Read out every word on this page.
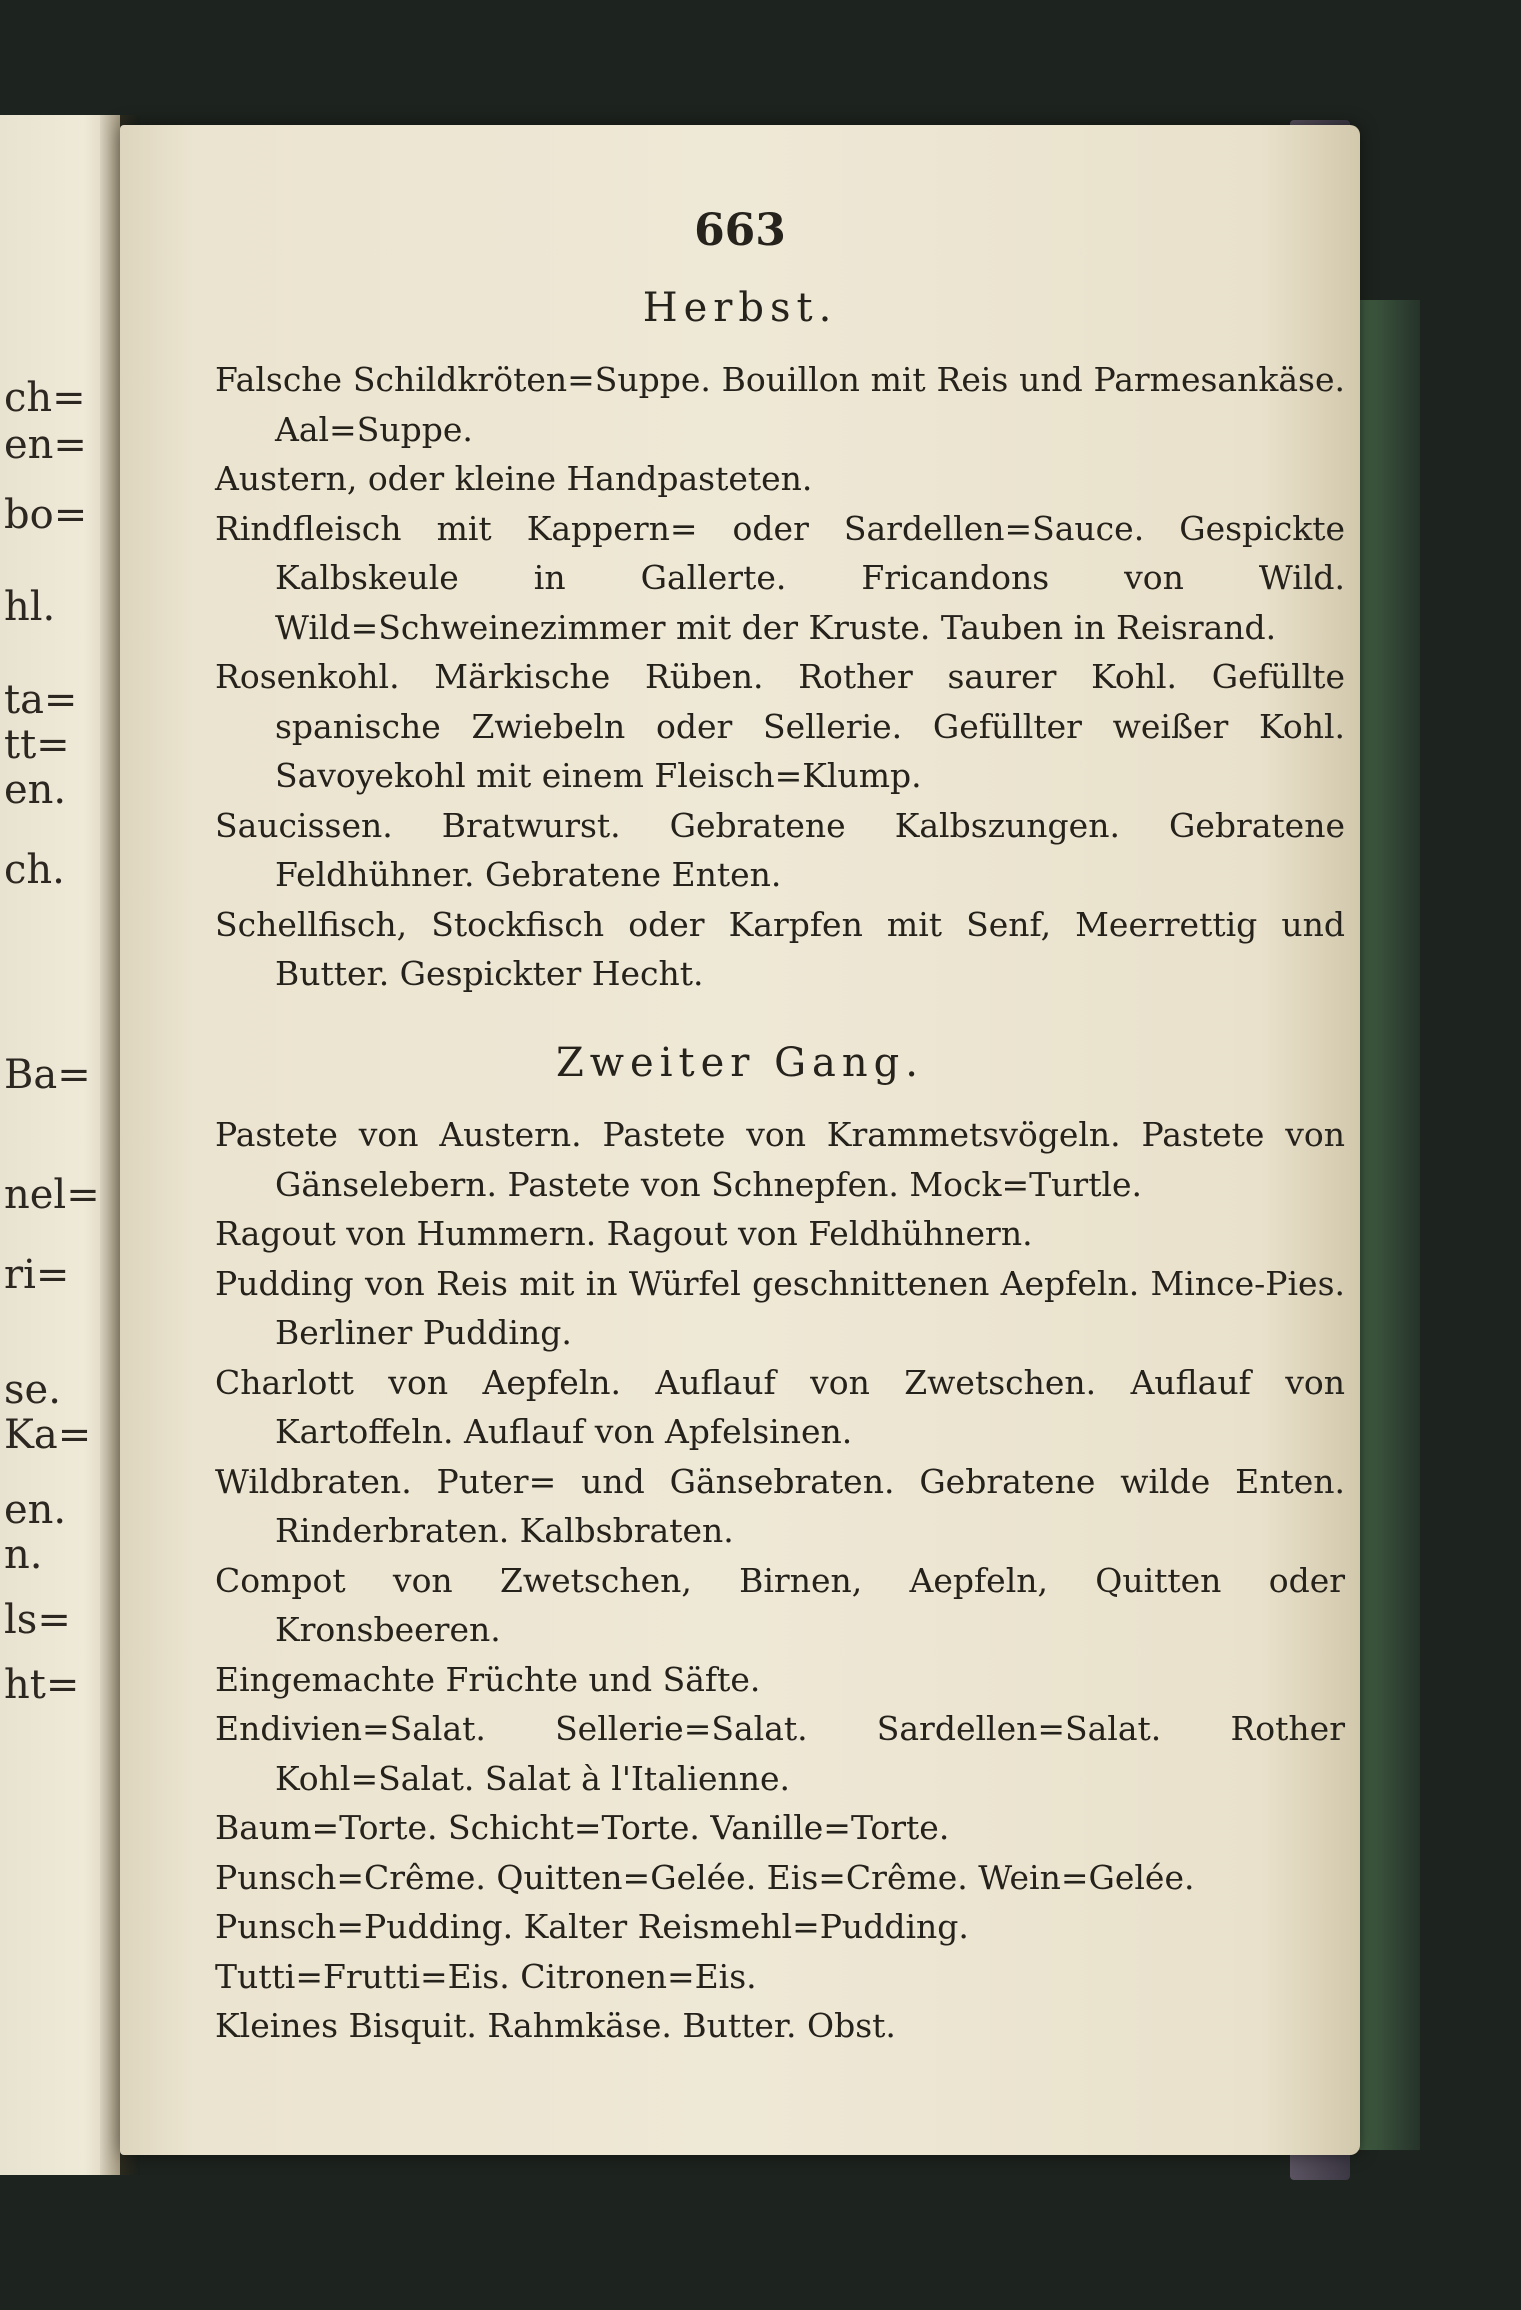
ch=
en=
bo=
hl.
ta=
tt=
en.
ch.
Ba=
nel=
ri=
se.
Ka=
en.
n.
ls=
ht=
663
Herbst.

Falsche Schildkröten=Suppe. Bouillon mit Reis und Parmesankäse. Aal=Suppe.

Austern, oder kleine Handpasteten.

Rindfleisch mit Kappern= oder Sardellen=Sauce. Gespickte Kalbskeule in Gallerte. Fricandons von Wild. Wild=Schweinezimmer mit der Kruste. Tauben in Reisrand.

Rosenkohl. Märkische Rüben. Rother saurer Kohl. Gefüllte spanische Zwiebeln oder Sellerie. Gefüllter weißer Kohl. Savoyekohl mit einem Fleisch=Klump.

Saucissen. Bratwurst. Gebratene Kalbszungen. Gebratene Feldhühner. Gebratene Enten.

Schellfisch, Stockfisch oder Karpfen mit Senf, Meerrettig und Butter. Gespickter Hecht.

Zweiter Gang.

Pastete von Austern. Pastete von Krammetsvögeln. Pastete von Gänselebern. Pastete von Schnepfen. Mock=Turtle.

Ragout von Hummern. Ragout von Feldhühnern.

Pudding von Reis mit in Würfel geschnittenen Aepfeln. Mince-Pies. Berliner Pudding.

Charlott von Aepfeln. Auflauf von Zwetschen. Auflauf von Kartoffeln. Auflauf von Apfelsinen.

Wildbraten. Puter= und Gänsebraten. Gebratene wilde Enten. Rinderbraten. Kalbsbraten.

Compot von Zwetschen, Birnen, Aepfeln, Quitten oder Kronsbeeren.

Eingemachte Früchte und Säfte.

Endivien=Salat. Sellerie=Salat. Sardellen=Salat. Rother Kohl=Salat. Salat à l'Italienne.

Baum=Torte. Schicht=Torte. Vanille=Torte.

Punsch=Crême. Quitten=Gelée. Eis=Crême. Wein=Gelée.

Punsch=Pudding. Kalter Reismehl=Pudding.

Tutti=Frutti=Eis. Citronen=Eis.

Kleines Bisquit. Rahmkäse. Butter. Obst.
